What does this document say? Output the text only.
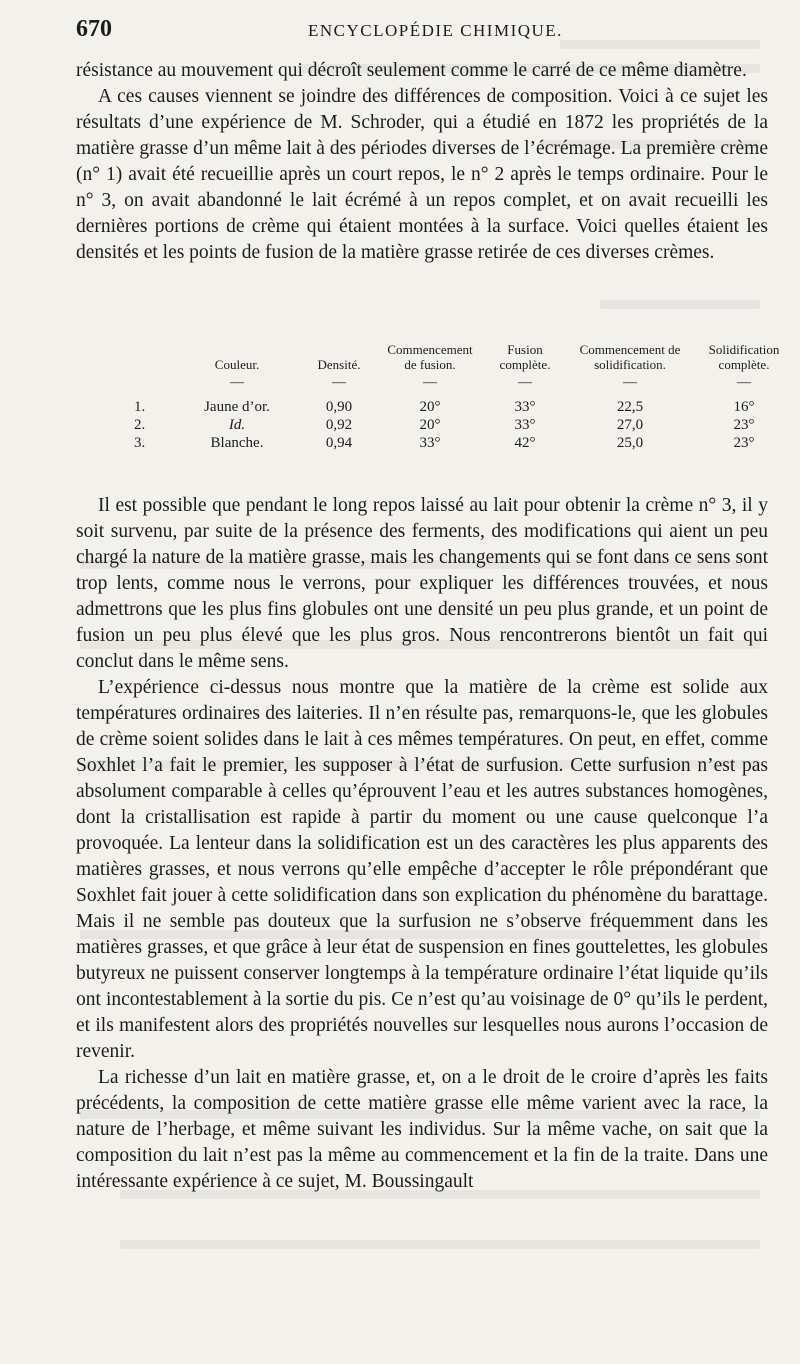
670	ENCYCLOPÉDIE CHIMIQUE.

résistance au mouvement qui décroît seulement comme le carré de ce même diamètre.

A ces causes viennent se joindre des différences de composition. Voici à ce sujet les résultats d’une expérience de M. Schroder, qui a étudié en 1872 les propriétés de la matière grasse d’un même lait à des périodes diverses de l’écrémage. La première crème (n° 1) avait été recueillie après un court repos, le n° 2 après le temps ordinaire. Pour le n° 3, on avait abandonné le lait écrémé à un repos complet, et on avait recueilli les dernières portions de crème qui étaient montées à la surface. Voici quelles étaient les densités et les points de fusion de la matière grasse retirée de ces diverses crèmes.

	Couleur.	Densité.	Commencement de fusion.	Fusion complète.	Commencement de solidification.	Solidification complète.
	—	—	—	—	—	—

1.	Jaune d’or.	0,90	20°	33°	22,5	16°
2.	Id.	0,92	20°	33°	27,0	23°
3.	Blanche.	0,94	33°	42°	25,0	23°

Il est possible que pendant le long repos laissé au lait pour obtenir la crème n° 3, il y soit survenu, par suite de la présence des ferments, des modifications qui aient un peu chargé la nature de la matière grasse, mais les changements qui se font dans ce sens sont trop lents, comme nous le verrons, pour expliquer les différences trouvées, et nous admettrons que les plus fins globules ont une densité un peu plus grande, et un point de fusion un peu plus élevé que les plus gros. Nous rencontrerons bientôt un fait qui conclut dans le même sens.

L’expérience ci-dessus nous montre que la matière de la crème est solide aux températures ordinaires des laiteries. Il n’en résulte pas, remarquons-le, que les globules de crème soient solides dans le lait à ces mêmes températures. On peut, en effet, comme Soxhlet l’a fait le premier, les supposer à l’état de surfusion. Cette surfusion n’est pas absolument comparable à celles qu’éprouvent l’eau et les autres substances homogènes, dont la cristallisation est rapide à partir du moment ou une cause quelconque l’a provoquée. La lenteur dans la solidification est un des caractères les plus apparents des matières grasses, et nous verrons qu’elle empêche d’accepter le rôle prépondérant que Soxhlet fait jouer à cette solidification dans son explication du phénomène du barattage. Mais il ne semble pas douteux que la surfusion ne s’observe fréquemment dans les matières grasses, et que grâce à leur état de suspension en fines gouttelettes, les globules butyreux ne puissent conserver longtemps à la température ordinaire l’état liquide qu’ils ont incontestablement à la sortie du pis. Ce n’est qu’au voisinage de 0° qu’ils le perdent, et ils manifestent alors des propriétés nouvelles sur lesquelles nous aurons l’occasion de revenir.

La richesse d’un lait en matière grasse, et, on a le droit de le croire d’après les faits précédents, la composition de cette matière grasse elle même varient avec la race, la nature de l’herbage, et même suivant les individus. Sur la même vache, on sait que la composition du lait n’est pas la même au commencement et la fin de la traite. Dans une intéressante expérience à ce sujet, M. Boussingault
